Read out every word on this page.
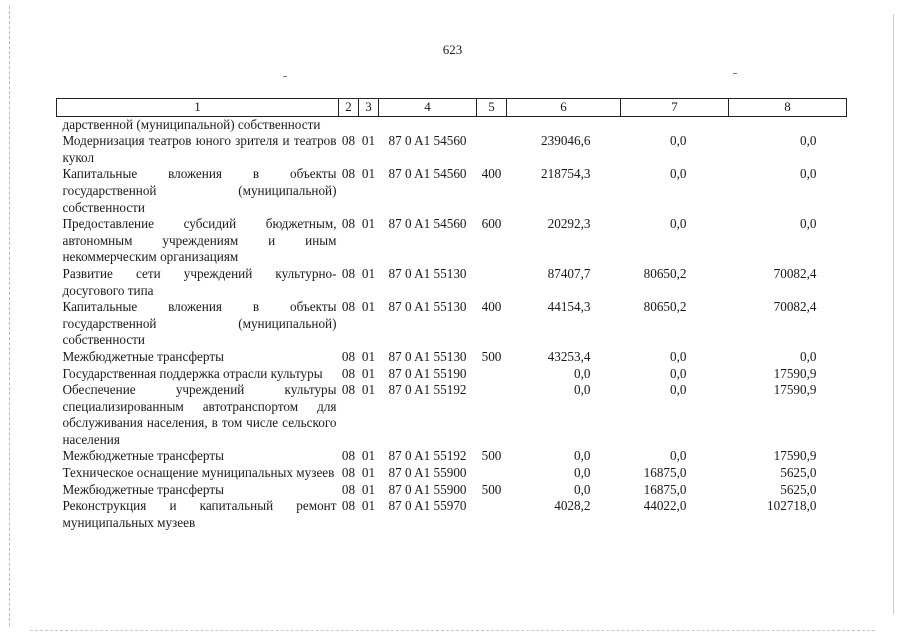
623
1	2	3	4	5	6	7	8
дарственной (муниципальной) собственности							
Модернизация театров юного зрителя и театров кукол	08	01	87 0 A1 54560		239046,6	0,0	0,0
Капитальные вложения в объекты государственной (муниципальной) собственности	08	01	87 0 A1 54560	400	218754,3	0,0	0,0
Предоставление субсидий бюджетным, автономным учреждениям и иным некоммерческим организациям	08	01	87 0 A1 54560	600	20292,3	0,0	0,0
Развитие сети учреждений культурно-досугового типа	08	01	87 0 A1 55130		87407,7	80650,2	70082,4
Капитальные вложения в объекты государственной (муниципальной) собственности	08	01	87 0 A1 55130	400	44154,3	80650,2	70082,4
Межбюджетные трансферты	08	01	87 0 A1 55130	500	43253,4	0,0	0,0
Государственная поддержка отрасли культуры	08	01	87 0 A1 55190		0,0	0,0	17590,9
Обеспечение учреждений культуры специализированным автотранспортом для обслуживания населения, в том числе сельского населения	08	01	87 0 A1 55192		0,0	0,0	17590,9
Межбюджетные трансферты	08	01	87 0 A1 55192	500	0,0	0,0	17590,9
Техническое оснащение муниципальных музеев	08	01	87 0 A1 55900		0,0	16875,0	5625,0
Межбюджетные трансферты	08	01	87 0 A1 55900	500	0,0	16875,0	5625,0
Реконструкция и капитальный ремонт муниципальных музеев	08	01	87 0 A1 55970		4028,2	44022,0	102718,0
